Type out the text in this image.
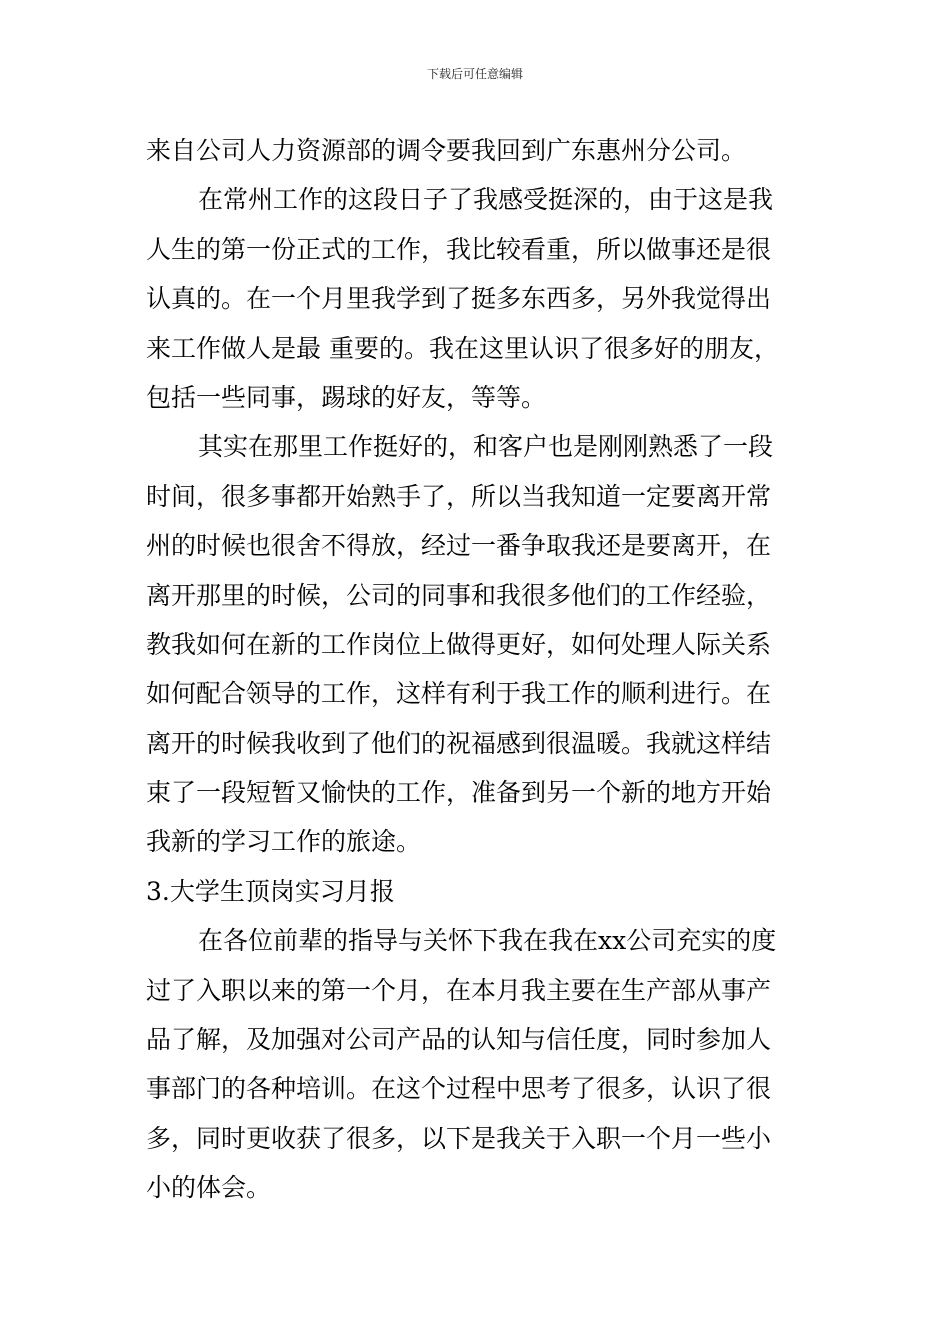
下载后可任意编辑
来自公司人力资源部的调令要我回到广东惠州分公司。
在常州工作的这段日子了我感受挺深的，由于这是我
人生的第一份正式的工作，我比较看重，所以做事还是很
认真的。在一个月里我学到了挺多东西多，另外我觉得出
来工作做人是最 重要的。我在这里认识了很多好的朋友，
包括一些同事，踢球的好友，等等。
其实在那里工作挺好的，和客户也是刚刚熟悉了一段
时间，很多事都开始熟手了，所以当我知道一定要离开常
州的时候也很舍不得放，经过一番争取我还是要离开，在
离开那里的时候，公司的同事和我很多他们的工作经验，
教我如何在新的工作岗位上做得更好，如何处理人际关系
如何配合领导的工作，这样有利于我工作的顺利进行。在
离开的时候我收到了他们的祝福感到很温暖。我就这样结
束了一段短暂又愉快的工作，准备到另一个新的地方开始
我新的学习工作的旅途。
3.大学生顶岗实习月报
在各位前辈的指导与关怀下我在我在xx公司充实的度
过了入职以来的第一个月，在本月我主要在生产部从事产
品了解，及加强对公司产品的认知与信任度，同时参加人
事部门的各种培训。在这个过程中思考了很多，认识了很
多，同时更收获了很多，以下是我关于入职一个月一些小
小的体会。
